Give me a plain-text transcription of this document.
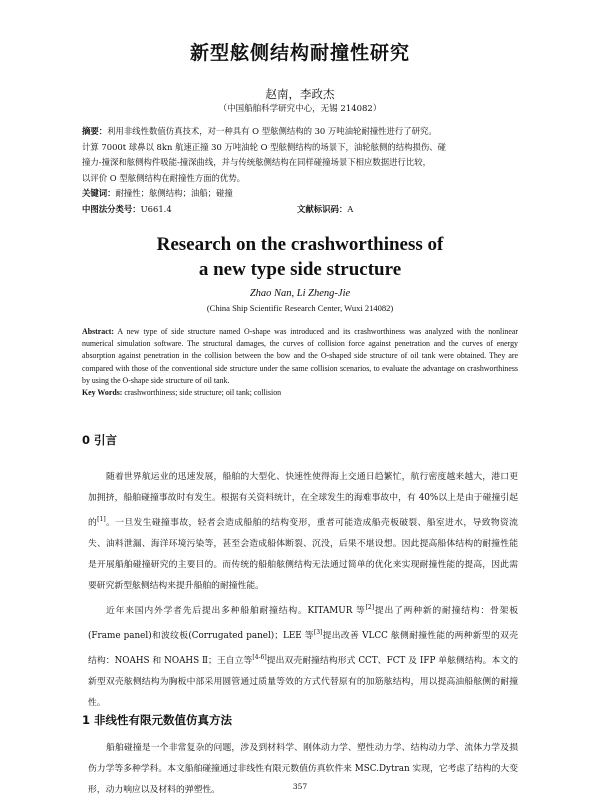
新型舷侧结构耐撞性研究
赵南，李政杰
（中国船舶科学研究中心，无锡 214082）
摘要：利用非线性数值仿真技术，对一种具有 O 型舷侧结构的 30 万吨油轮耐撞性进行了研究。
计算 7000t 球鼻以 8kn 航速正撞 30 万吨油轮 O 型舷侧结构的场景下，油轮舷侧的结构损伤、碰
撞力-撞深和舷侧构件吸能-撞深曲线，并与传统舷侧结构在同样碰撞场景下相应数据进行比较，
以评价 O 型舷侧结构在耐撞性方面的优势。
关键词：耐撞性；舷侧结构；油船；碰撞
中图法分类号：U661.4	文献标识码：A
Research on the crashworthiness of
a new type side structure
Zhao Nan, Li Zheng-Jie
(China Ship Scientific Research Center, Wuxi 214082)
Abstract: A new type of side structure named O-shape was introduced and its crashworthiness was analyzed with the nonlinear numerical simulation software. The structural damages, the curves of collision force against penetration and the curves of energy absorption against penetration in the collision between the bow and the O-shaped side structure of oil tank were obtained. They are compared with those of the conventional side structure under the same collision scenarios, to evaluate the advantage on crashworthiness by using the O-shape side structure of oil tank.
Key Words: crashworthiness; side structure; oil tank; collision
0 引言

随着世界航运业的迅速发展，船舶的大型化、快速性使得海上交通日趋繁忙，航行密度越来越大，港口更加拥挤，船舶碰撞事故时有发生。根据有关资料统计，在全球发生的海难事故中，有 40%以上是由于碰撞引起的[1]。一旦发生碰撞事故，轻者会造成船舶的结构变形，重者可能造成船壳板破裂、船室进水，导致物资流失、油料泄漏、海洋环境污染等，甚至会造成船体断裂、沉没，后果不堪设想。因此提高船体结构的耐撞性能是开展船舶碰撞研究的主要目的。而传统的船舶舷侧结构无法通过简单的优化来实现耐撞性能的提高，因此需要研究新型舷侧结构来提升船舶的耐撞性能。

近年来国内外学者先后提出多种船舶耐撞结构。KITAMUR 等[2]提出了两种新的耐撞结构：骨架板(Frame panel)和波纹板(Corrugated panel)；LEE 等[3]提出改善 VLCC 舷侧耐撞性能的两种新型的双壳结构：NOAHS 和 NOAHS Ⅱ；王自立等[4-6]提出双壳耐撞结构形式 CCT、FCT 及 IFP 单舷侧结构。本文的新型双壳舷侧结构为胸板中部采用圆管通过质量等效的方式代替原有的加筋舷结构，用以提高油船舷侧的耐撞性。

1 非线性有限元数值仿真方法

船舶碰撞是一个非常复杂的问题，涉及到材料学、刚体动力学、塑性动力学、结构动力学、流体力学及损伤力学等多种学科。本文船舶碰撞通过非线性有限元数值仿真软件来 MSC.Dytran 实现，它考虑了结构的大变形，动力响应以及材料的弹塑性。	357
